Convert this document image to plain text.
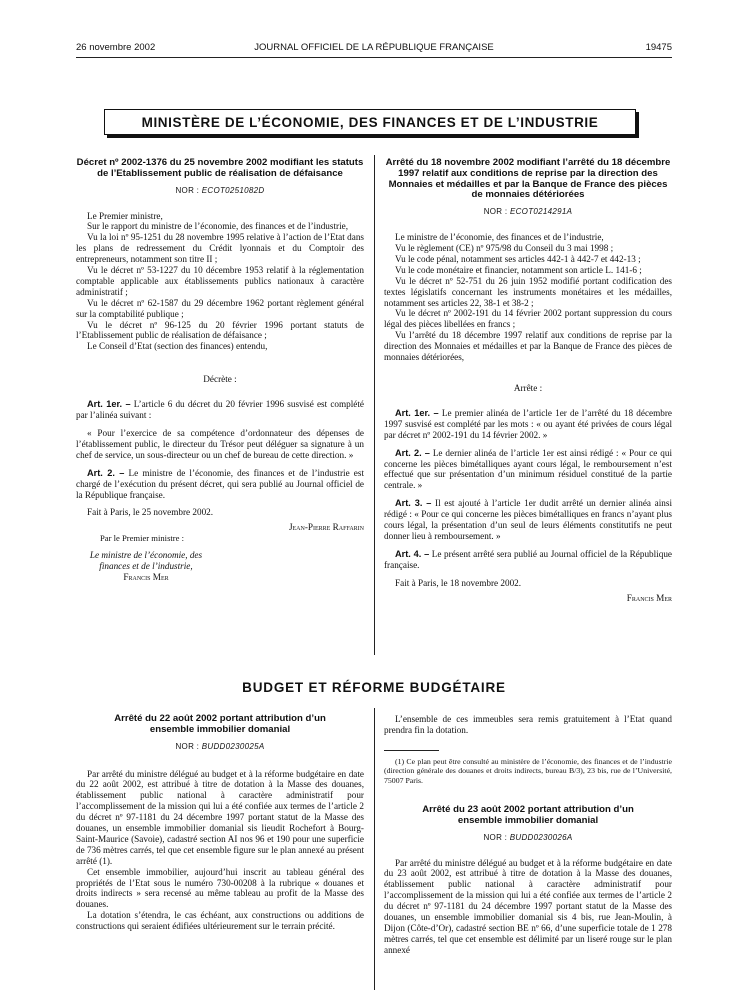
26 novembre 2002	JOURNAL OFFICIEL DE LA RÉPUBLIQUE FRANÇAISE	19475
MINISTÈRE DE L’ÉCONOMIE, DES FINANCES ET DE L’INDUSTRIE
Décret nº 2002-1376 du 25 novembre 2002 modifiant les statuts de l’Etablissement public de réalisation de défaisance
NOR : ECOT0251082D

Le Premier ministre,

Sur le rapport du ministre de l’économie, des finances et de l’industrie,

Vu la loi nº 95-1251 du 28 novembre 1995 relative à l’action de l’Etat dans les plans de redressement du Crédit lyonnais et du Comptoir des entrepreneurs, notamment son titre II ;

Vu le décret nº 53-1227 du 10 décembre 1953 relatif à la réglementation comptable applicable aux établissements publics nationaux à caractère administratif ;

Vu le décret nº 62-1587 du 29 décembre 1962 portant règlement général sur la comptabilité publique ;

Vu le décret nº 96-125 du 20 février 1996 portant statuts de l’Etablissement public de réalisation de défaisance ;

Le Conseil d’Etat (section des finances) entendu,

Décrète :

Art. 1er. – L’article 6 du décret du 20 février 1996 susvisé est complété par l’alinéa suivant :

« Pour l’exercice de sa compétence d’ordonnateur des dépenses de l’établissement public, le directeur du Trésor peut déléguer sa signature à un chef de service, un sous-directeur ou un chef de bureau de cette direction. »

Art. 2. – Le ministre de l’économie, des finances et de l’industrie est chargé de l’exécution du présent décret, qui sera publié au Journal officiel de la République française.

Fait à Paris, le 25 novembre 2002.

Jean-Pierre Raffarin

Par le Premier ministre :

Le ministre de l’économie, des finances et de l’industrie,

Francis Mer

Arrêté du 18 novembre 2002 modifiant l’arrêté du 18 décembre 1997 relatif aux conditions de reprise par la direction des Monnaies et médailles et par la Banque de France des pièces de monnaies détériorées
NOR : ECOT0214291A

Le ministre de l’économie, des finances et de l’industrie,

Vu le règlement (CE) nº 975/98 du Conseil du 3 mai 1998 ;

Vu le code pénal, notamment ses articles 442-1 à 442-7 et 442-13 ;

Vu le code monétaire et financier, notamment son article L. 141-6 ;

Vu le décret nº 52-751 du 26 juin 1952 modifié portant codification des textes législatifs concernant les instruments monétaires et les médailles, notamment ses articles 22, 38-1 et 38-2 ;

Vu le décret nº 2002-191 du 14 février 2002 portant suppression du cours légal des pièces libellées en francs ;

Vu l’arrêté du 18 décembre 1997 relatif aux conditions de reprise par la direction des Monnaies et médailles et par la Banque de France des pièces de monnaies détériorées,

Arrête :

Art. 1er. – Le premier alinéa de l’article 1er de l’arrêté du 18 décembre 1997 susvisé est complété par les mots : « ou ayant été privées de cours légal par décret nº 2002-191 du 14 février 2002. »

Art. 2. – Le dernier alinéa de l’article 1er est ainsi rédigé : « Pour ce qui concerne les pièces bimétalliques ayant cours légal, le remboursement n’est effectué que sur présentation d’un minimum résiduel constitué de la partie centrale. »

Art. 3. – Il est ajouté à l’article 1er dudit arrêté un dernier alinéa ainsi rédigé : « Pour ce qui concerne les pièces bimétalliques en francs n’ayant plus cours légal, la présentation d’un seul de leurs éléments constitutifs ne peut donner lieu à remboursement. »

Art. 4. – Le présent arrêté sera publié au Journal officiel de la République française.

Fait à Paris, le 18 novembre 2002.

Francis Mer

BUDGET ET RÉFORME BUDGÉTAIRE
Arrêté du 22 août 2002 portant attribution d’un ensemble immobilier domanial
NOR : BUDD0230025A

Par arrêté du ministre délégué au budget et à la réforme budgétaire en date du 22 août 2002, est attribué à titre de dotation à la Masse des douanes, établissement public national à caractère administratif pour l’accomplissement de la mission qui lui a été confiée aux termes de l’article 2 du décret nº 97-1181 du 24 décembre 1997 portant statut de la Masse des douanes, un ensemble immobilier domanial sis lieudit Rochefort à Bourg-Saint-Maurice (Savoie), cadastré section AI nos 96 et 190 pour une superficie de 736 mètres carrés, tel que cet ensemble figure sur le plan annexé au présent arrêté (1).

Cet ensemble immobilier, aujourd’hui inscrit au tableau général des propriétés de l’Etat sous le numéro 730-00208 à la rubrique « douanes et droits indirects » sera recensé au même tableau au profit de la Masse des douanes.

La dotation s’étendra, le cas échéant, aux constructions ou additions de constructions qui seraient édifiées ultérieurement sur le terrain précité.

L’ensemble de ces immeubles sera remis gratuitement à l’Etat quand prendra fin la dotation.

(1) Ce plan peut être consulté au ministère de l’économie, des finances et de l’industrie (direction générale des douanes et droits indirects, bureau B/3), 23 bis, rue de l’Université, 75007 Paris.

Arrêté du 23 août 2002 portant attribution d’un ensemble immobilier domanial
NOR : BUDD0230026A

Par arrêté du ministre délégué au budget et à la réforme budgétaire en date du 23 août 2002, est attribué à titre de dotation à la Masse des douanes, établissement public national à caractère administratif pour l’accomplissement de la mission qui lui a été confiée aux termes de l’article 2 du décret nº 97-1181 du 24 décembre 1997 portant statut de la Masse des douanes, un ensemble immobilier domanial sis 4 bis, rue Jean-Moulin, à Dijon (Côte-d’Or), cadastré section BE nº 66, d’une superficie totale de 1 278 mètres carrés, tel que cet ensemble est délimité par un liseré rouge sur le plan annexé
